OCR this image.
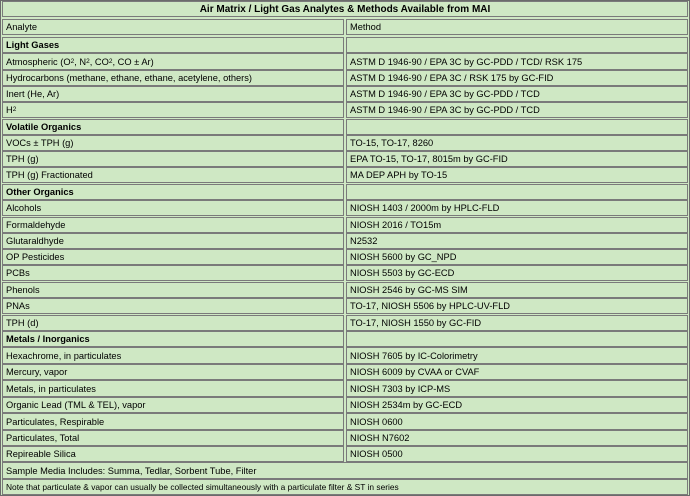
Air Matrix / Light Gas Analytes & Methods Available from MAI
Analyte	Method
Light Gases
Atmospheric (O 2 , N 2 , CO 2 , CO ± Ar)	ASTM D 1946-90 / EPA 3C by GC-PDD / TCD/ RSK 175
Hydrocarbons (methane, ethane, ethane, acetylene, others)	ASTM D 1946-90 / EPA 3C / RSK 175 by GC-FID
Inert (He, Ar)	ASTM D 1946-90 / EPA 3C by GC-PDD / TCD
H 2	ASTM D 1946-90 / EPA 3C by GC-PDD / TCD
Volatile Organics
VOCs ± TPH (g)	TO-15, TO-17, 8260
TPH (g)	EPA TO-15, TO-17, 8015m by GC-FID
TPH (g) Fractionated	MA DEP APH by TO-15
Other Organics
Alcohols	NIOSH 1403 / 2000m by HPLC-FLD
Formaldehyde	NIOSH 2016 / TO15m
Glutaraldhyde	N2532
OP Pesticides	NIOSH 5600 by GC_NPD
PCBs	NIOSH 5503 by GC-ECD
Phenols	NIOSH 2546 by GC-MS SIM
PNAs	TO-17, NIOSH 5506 by HPLC-UV-FLD
TPH (d)	TO-17, NIOSH 1550 by GC-FID
Metals / Inorganics
Hexachrome, in particulates	NIOSH 7605 by IC-Colorimetry
Mercury, vapor	NIOSH 6009 by CVAA or CVAF
Metals, in particulates	NIOSH 7303 by ICP-MS
Organic Lead (TML & TEL), vapor	NIOSH 2534m by GC-ECD
Particulates, Respirable	NIOSH 0600
Particulates, Total	NIOSH N7602
Repireable Silica	NIOSH 0500
Sample Media Includes: Summa, Tedlar, Sorbent Tube, Filter
Note that particulate & vapor can usually be collected simultaneously with a particulate filter & ST in series
